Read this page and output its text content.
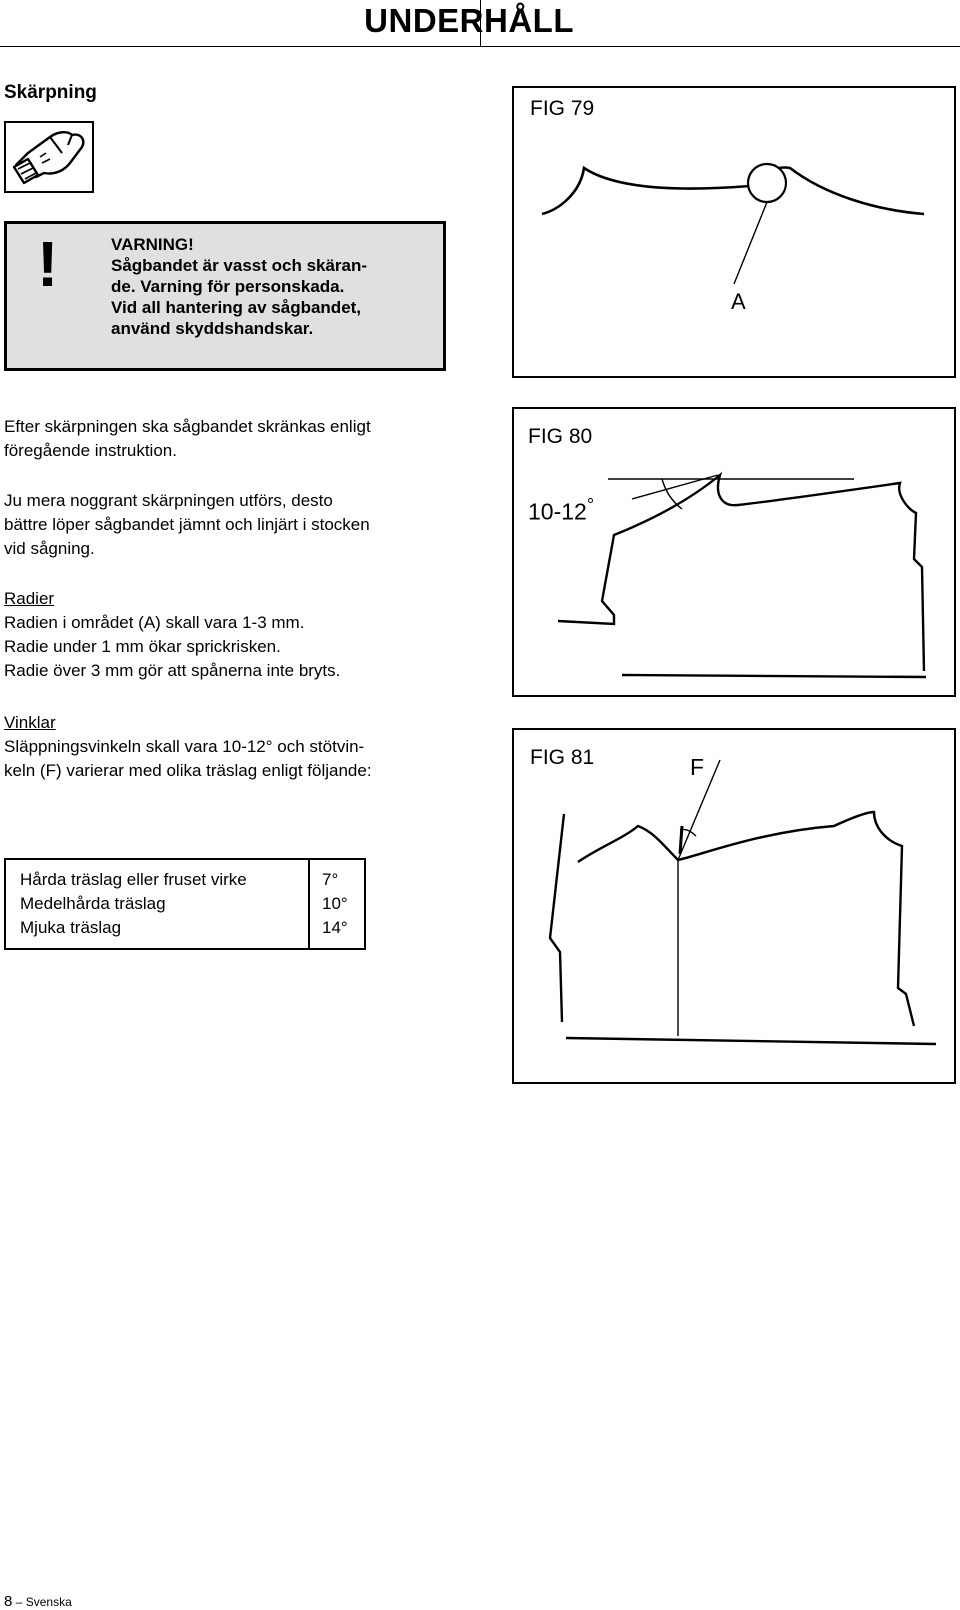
UNDERHÅLL
Skärpning
!	VARNING!
Sågbandet är vasst och skäran-
de. Varning för personskada.
Vid all hantering av sågbandet,
använd skyddshandskar.
Efter skärpningen ska sågbandet skränkas enligt
föregående instruktion.
Ju mera noggrant skärpningen utförs, desto
bättre löper sågbandet jämnt och linjärt i stocken
vid sågning.
Radier
Radien i området (A) skall vara 1-3 mm.
Radie under 1 mm ökar sprickrisken.
Radie över 3 mm gör att spånerna inte bryts.
Vinklar
Släppningsvinkeln skall vara 10-12° och stötvin-
keln (F) varierar med olika träslag enligt följande:
Hårda träslag eller fruset virke	7°
Medelhårda träslag	10°
Mjuka träslag	14°
FIG 79
A
FIG 80
10-12°
FIG 81	F
8 – Svenska
